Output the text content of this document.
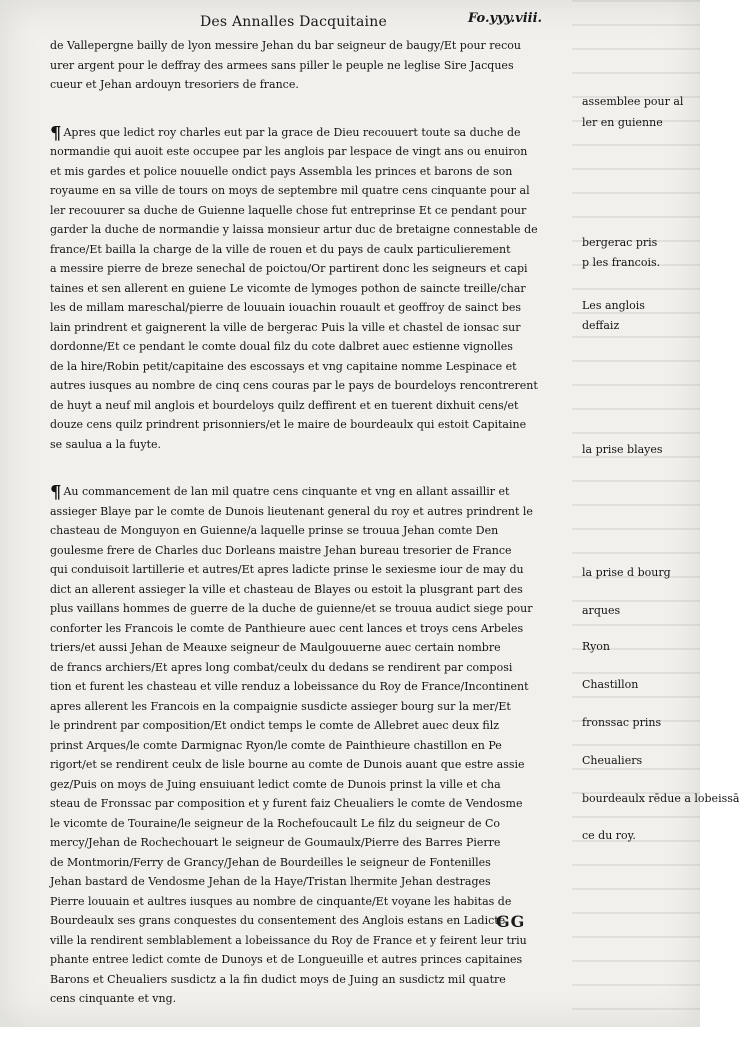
Des Annalles Dacquitaine	Fo.yyy.viii.
de Vallepergne bailly de lyon messire Jehan du bar seigneur de baugy/Et pour recou
urer argent pour le deffray des armees sans piller le peuple ne leglise Sire Jacques
cueur et Jehan ardouyn tresoriers de france.
¶ Apres que ledict roy charles eut par la grace de Dieu recouuert toute sa duche de
normandie qui auoit este occupee par les anglois par lespace de vingt ans ou enuiron
et mis gardes et police nouuelle ondict pays Assembla les princes et barons de son
royaume en sa ville de tours on moys de septembre mil quatre cens cinquante pour al
ler recouurer sa duche de Guienne laquelle chose fut entreprinse Et ce pendant pour
garder la duche de normandie y laissa monsieur artur duc de bretaigne connestable de
france/Et bailla la charge de la ville de rouen et du pays de caulx particulierement
a messire pierre de breze senechal de poictou/Or partirent donc les seigneurs et capi
taines et sen allerent en guiene Le vicomte de lymoges pothon de saincte treille/char
les de millam mareschal/pierre de louuain iouachin rouault et geoffroy de sainct bes
lain prindrent et gaignerent la ville de bergerac Puis la ville et chastel de ionsac sur
dordonne/Et ce pendant le comte doual filz du cote dalbret auec estienne vignolles
de la hire/Robin petit/capitaine des escossays et vng capitaine nomme Lespinace et
autres iusques au nombre de cinq cens couras par le pays de bourdeloys rencontrerent
de huyt a neuf mil anglois et bourdeloys quilz deffirent et en tuerent dixhuit cens/et
douze cens quilz prindrent prisonniers/et le maire de bourdeaulx qui estoit Capitaine
se saulua a la fuyte.
¶ Au commancement de lan mil quatre cens cinquante et vng en allant assaillir et
assieger Blaye par le comte de Dunois lieutenant general du roy et autres prindrent le
chasteau de Monguyon en Guienne/a laquelle prinse se trouua Jehan comte Den
goulesme frere de Charles duc Dorleans maistre Jehan bureau tresorier de France
qui conduisoit lartillerie et autres/Et apres ladicte prinse le sexiesme iour de may du
dict an allerent assieger la ville et chasteau de Blayes ou estoit la plusgrant part des
plus vaillans hommes de guerre de la duche de guienne/et se trouua audict siege pour
conforter les Francois le comte de Panthieure auec cent lances et troys cens Arbeles
triers/et aussi Jehan de Meauxe seigneur de Maulgouuerne auec certain nombre
de francs archiers/Et apres long combat/ceulx du dedans se rendirent par composi
tion et furent les chasteau et ville renduz a lobeissance du Roy de France/Incontinent
apres allerent les Francois en la compaignie susdicte assieger bourg sur la mer/Et
le prindrent par composition/Et ondict temps le comte de Allebret auec deux filz
prinst Arques/le comte Darmignac Ryon/le comte de Painthieure chastillon en Pe
rigort/et se rendirent ceulx de lisle bourne au comte de Dunois auant que estre assie
gez/Puis on moys de Juing ensuiuant ledict comte de Dunois prinst la ville et cha
steau de Fronssac par composition et y furent faiz Cheualiers le comte de Vendosme
le vicomte de Touraine/le seigneur de la Rochefoucault Le filz du seigneur de Co
mercy/Jehan de Rochechouart le seigneur de Goumaulx/Pierre des Barres Pierre
de Montmorin/Ferry de Grancy/Jehan de Bourdeilles le seigneur de Fontenilles
Jehan bastard de Vendosme Jehan de la Haye/Tristan lhermite Jehan destrages
Pierre louuain et aultres iusques au nombre de cinquante/Et voyane les habitas de
Bourdeaulx ses grans conquestes du consentement des Anglois estans en Ladicte
ville la rendirent semblablement a lobeissance du Roy de France et y feirent leur triu
phante entree ledict comte de Dunoys et de Longueuille et autres princes capitaines
Barons et Cheualiers susdictz a la fin dudict moys de Juing an susdictz mil quatre
cens cinquante et vng.
assemblee pour al
ler en guienne
bergerac pris
p les francois.
Les anglois
deffaiz
la prise blayes
la prise d bourg
arques
Ryon
Chastillon
fronssac prins
Cheualiers
bourdeaulx rēdue a lobeissā
ce du roy.
GG
